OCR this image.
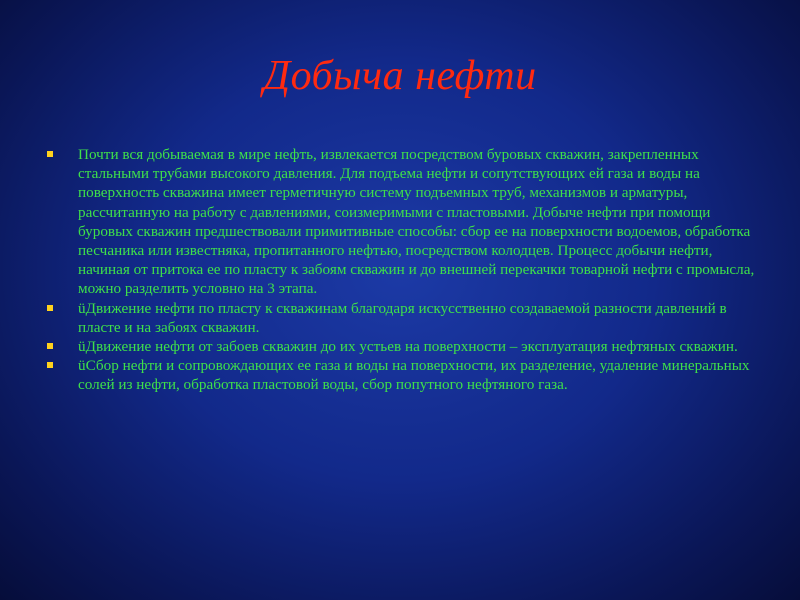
Добыча нефти
Почти вся добываемая в мире нефть, извлекается посредством буровых скважин, закрепленных стальными трубами высокого давления. Для подъема нефти и сопутствующих ей газа и воды на поверхность скважина имеет герметичную систему подъемных труб, механизмов и арматуры, рассчитанную на работу с давлениями, соизмеримыми с пластовыми. Добыче нефти при помощи буровых скважин предшествовали примитивные способы: сбор ее на поверхности водоемов, обработка песчаника или известняка, пропитанного нефтью, посредством колодцев. Процесс добычи нефти, начиная от притока ее по пласту к забоям скважин и до внешней перекачки товарной нефти с промысла, можно разделить условно на 3 этапа.
üДвижение нефти по пласту к скважинам благодаря искусственно создаваемой разности давлений в пласте и на забоях скважин.
üДвижение нефти от забоев скважин до их устьев на поверхности – эксплуатация нефтяных скважин.
üСбор нефти и сопровождающих ее газа и воды на поверхности, их разделение, удаление минеральных солей из нефти, обработка пластовой воды, сбор попутного нефтяного газа.
